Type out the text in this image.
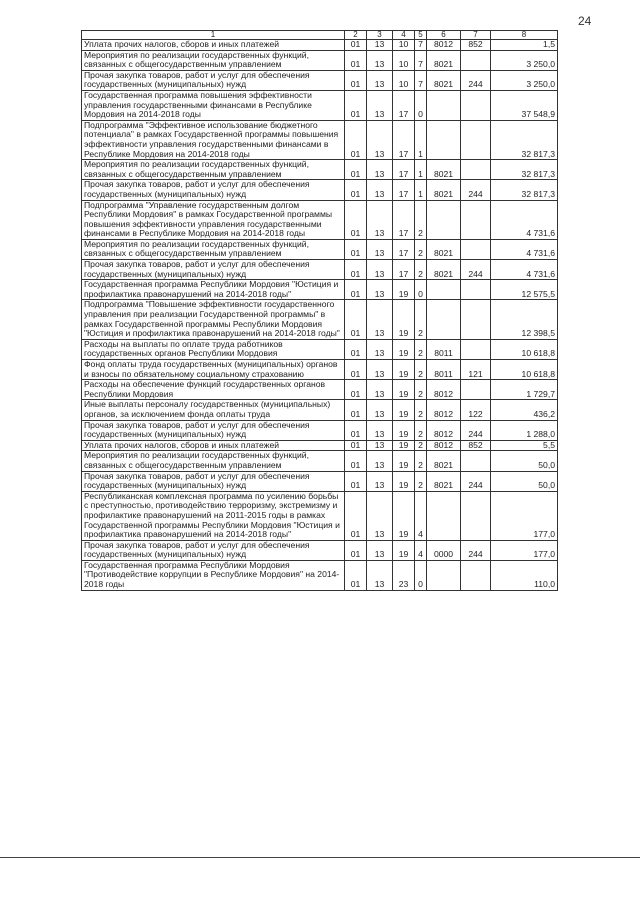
24
1	2	3	4	5	6	7	8
Уплата прочих налогов, сборов и иных платежей	01	13	10	7	8012	852	1,5
Мероприятия по реализации государственных функций, связанных с общегосударственным управлением	01	13	10	7	8021		3 250,0
Прочая закупка товаров, работ и услуг для обеспечения государственных (муниципальных) нужд	01	13	10	7	8021	244	3 250,0
Государственная программа повышения эффективности управления государственными финансами в Республике Мордовия на 2014-2018 годы	01	13	17	0			37 548,9
Подпрограмма "Эффективное использование бюджетного потенциала" в рамках Государственной программы повышения эффективности управления государственными финансами в Республике Мордовия на 2014-2018 годы	01	13	17	1			32 817,3
Мероприятия по реализации государственных функций, связанных с общегосударственным управлением	01	13	17	1	8021		32 817,3
Прочая закупка товаров, работ и услуг для обеспечения государственных (муниципальных) нужд	01	13	17	1	8021	244	32 817,3
Подпрограмма "Управление государственным долгом Республики Мордовия" в рамках Государственной программы повышения эффективности управления государственными финансами в Республике Мордовия на 2014-2018 годы	01	13	17	2			4 731,6
Мероприятия по реализации государственных функций, связанных с общегосударственным управлением	01	13	17	2	8021		4 731,6
Прочая закупка товаров, работ и услуг для обеспечения государственных (муниципальных) нужд	01	13	17	2	8021	244	4 731,6
Государственная программа Республики Мордовия "Юстиция и профилактика правонарушений на 2014-2018 годы"	01	13	19	0			12 575,5
Подпрограмма "Повышение эффективности государственного управления при реализации Государственной программы" в рамках Государственной программы Республики Мордовия "Юстиция и профилактика правонарушений на 2014-2018 годы"	01	13	19	2			12 398,5
Расходы на выплаты по оплате труда работников государственных органов Республики Мордовия	01	13	19	2	8011		10 618,8
Фонд оплаты труда государственных (муниципальных) органов и взносы по обязательному социальному страхованию	01	13	19	2	8011	121	10 618,8
Расходы на обеспечение функций государственных органов Республики Мордовия	01	13	19	2	8012		1 729,7
Иные выплаты персоналу государственных (муниципальных) органов, за исключением фонда оплаты труда	01	13	19	2	8012	122	436,2
Прочая закупка товаров, работ и услуг для обеспечения государственных (муниципальных) нужд	01	13	19	2	8012	244	1 288,0
Уплата прочих налогов, сборов и иных платежей	01	13	19	2	8012	852	5,5
Мероприятия по реализации государственных функций, связанных с общегосударственным управлением	01	13	19	2	8021		50,0
Прочая закупка товаров, работ и услуг для обеспечения государственных (муниципальных) нужд	01	13	19	2	8021	244	50,0
Республиканская комплексная программа по усилению борьбы с преступностью, противодействию терроризму, экстремизму и профилактике правонарушений на 2011-2015 годы в рамках Государственной программы Республики Мордовия "Юстиция и профилактика правонарушений на 2014-2018 годы"	01	13	19	4			177,0
Прочая закупка товаров, работ и услуг для обеспечения государственных (муниципальных) нужд	01	13	19	4	0000	244	177,0
Государственная программа Республики Мордовия "Противодействие коррупции в Республике Мордовия" на 2014-2018 годы	01	13	23	0			110,0
